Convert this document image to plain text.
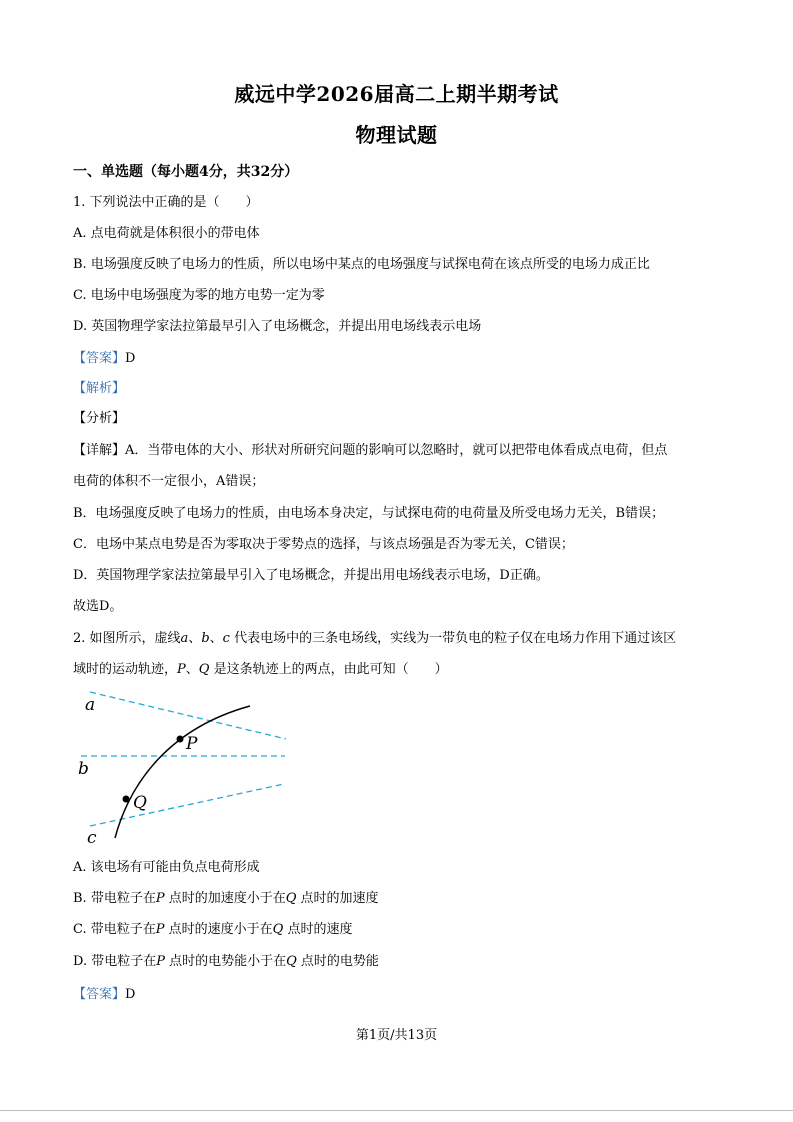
威远中学2026届高二上期半期考试
物理试题
一、单选题（每小题4分，共32分）
1. 下列说法中正确的是（　　）
A. 点电荷就是体积很小的带电体
B. 电场强度反映了电场力的性质，所以电场中某点的电场强度与试探电荷在该点所受的电场力成正比
C. 电场中电场强度为零的地方电势一定为零
D. 英国物理学家法拉第最早引入了电场概念，并提出用电场线表示电场
【答案】D
【解析】
【分析】
【详解】A．当带电体的大小、形状对所研究问题的影响可以忽略时，就可以把带电体看成点电荷，但点
电荷的体积不一定很小，A错误；
B．电场强度反映了电场力的性质，由电场本身决定，与试探电荷的电荷量及所受电场力无关，B错误；
C．电场中某点电势是否为零取决于零势点的选择，与该点场强是否为零无关，C错误；
D．英国物理学家法拉第最早引入了电场概念，并提出用电场线表示电场，D正确。
故选D。
2. 如图所示，虚线a、b、c 代表电场中的三条电场线，实线为一带负电的粒子仅在电场力作用下通过该区
域时的运动轨迹，P、Q 是这条轨迹上的两点，由此可知（　　）
a
b
c
P
Q
A. 该电场有可能由负点电荷形成
B. 带电粒子在P 点时的加速度小于在Q 点时的加速度
C. 带电粒子在P 点时的速度小于在Q 点时的速度
D. 带电粒子在P 点时的电势能小于在Q 点时的电势能
【答案】D
第1页/共13页
